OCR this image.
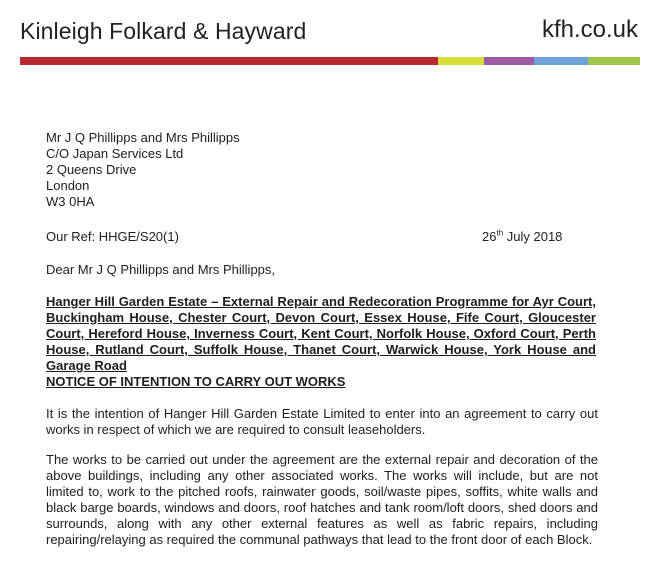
Kinleigh Folkard & Hayward	kfh.co.uk
Mr J Q Phillipps and Mrs Phillipps
C/O Japan Services Ltd
2 Queens Drive
London
W3 0HA
Our Ref: HHGE/S20(1)	26th July 2018
Dear Mr J Q Phillipps and Mrs Phillipps,
Hanger Hill Garden Estate – External Repair and Redecoration Programme for Ayr Court, Buckingham House, Chester Court, Devon Court, Essex House, Fife Court, Gloucester Court, Hereford House, Inverness Court, Kent Court, Norfolk House, Oxford Court, Perth House, Rutland Court, Suffolk House, Thanet Court, Warwick House, York House and Garage Road
NOTICE OF INTENTION TO CARRY OUT WORKS
It is the intention of Hanger Hill Garden Estate Limited to enter into an agreement to carry out works in respect of which we are required to consult leaseholders.
The works to be carried out under the agreement are the external repair and decoration of the above buildings, including any other associated works. The works will include, but are not limited to, work to the pitched roofs, rainwater goods, soil/waste pipes, soffits, white walls and black barge boards, windows and doors, roof hatches and tank room/loft doors, shed doors and surrounds, along with any other external features as well as fabric repairs, including repairing/relaying as required the communal pathways that lead to the front door of each Block.
